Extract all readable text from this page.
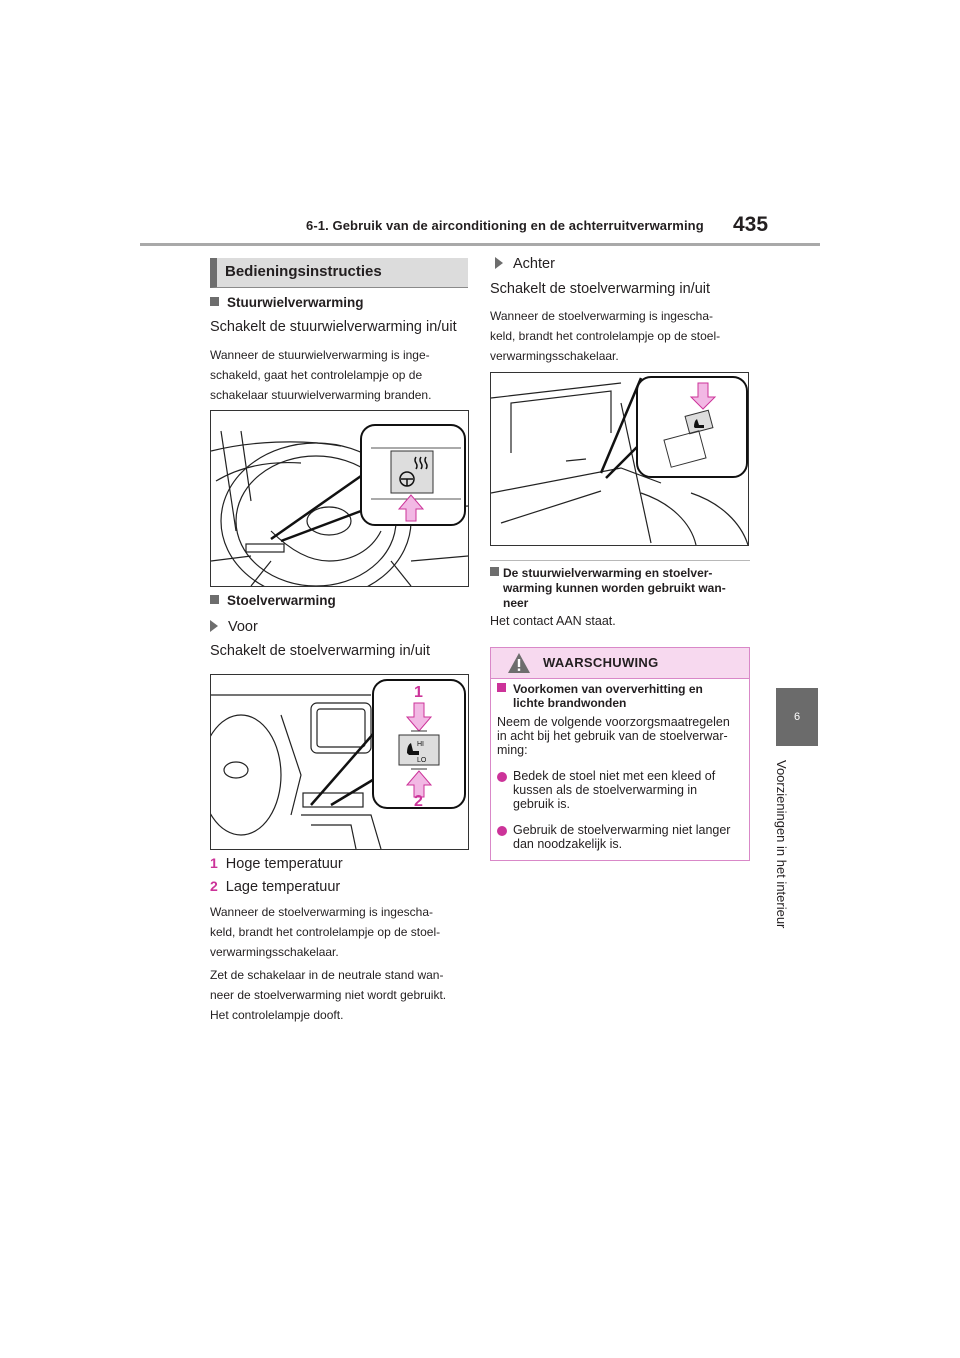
6-1. Gebruik van de airconditioning en de achterruitverwarming 435
6
Voorzieningen in het interieur
Bedieningsinstructies
Stuurwielverwarming
Schakelt de stuurwielverwarming in/uit
Wanneer de stuurwielverwarming is inge-
schakeld, gaat het controlelampje op de
schakelaar stuurwielverwarming branden.
Stoelverwarming
Voor
Schakelt de stoelverwarming in/uit
1
HI
LO
2
1 Hoge temperatuur
2 Lage temperatuur
Wanneer de stoelverwarming is ingescha-
keld, brandt het controlelampje op de stoel-
verwarmingsschakelaar.
Zet de schakelaar in de neutrale stand wan-
neer de stoelverwarming niet wordt gebruikt.
Het controlelampje dooft.
Achter
Schakelt de stoelverwarming in/uit
Wanneer de stoelverwarming is ingescha-
keld, brandt het controlelampje op de stoel-
verwarmingsschakelaar.
De stuurwielverwarming en stoelver-
warming kunnen worden gebruikt wan-
neer
Het contact AAN staat.
WAARSCHUWING
Voorkomen van oververhitting en
lichte brandwonden
Neem de volgende voorzorgsmaatregelen
in acht bij het gebruik van de stoelverwar-
ming:
Bedek de stoel niet met een kleed of
kussen als de stoelverwarming in
gebruik is.
Gebruik de stoelverwarming niet langer
dan noodzakelijk is.
